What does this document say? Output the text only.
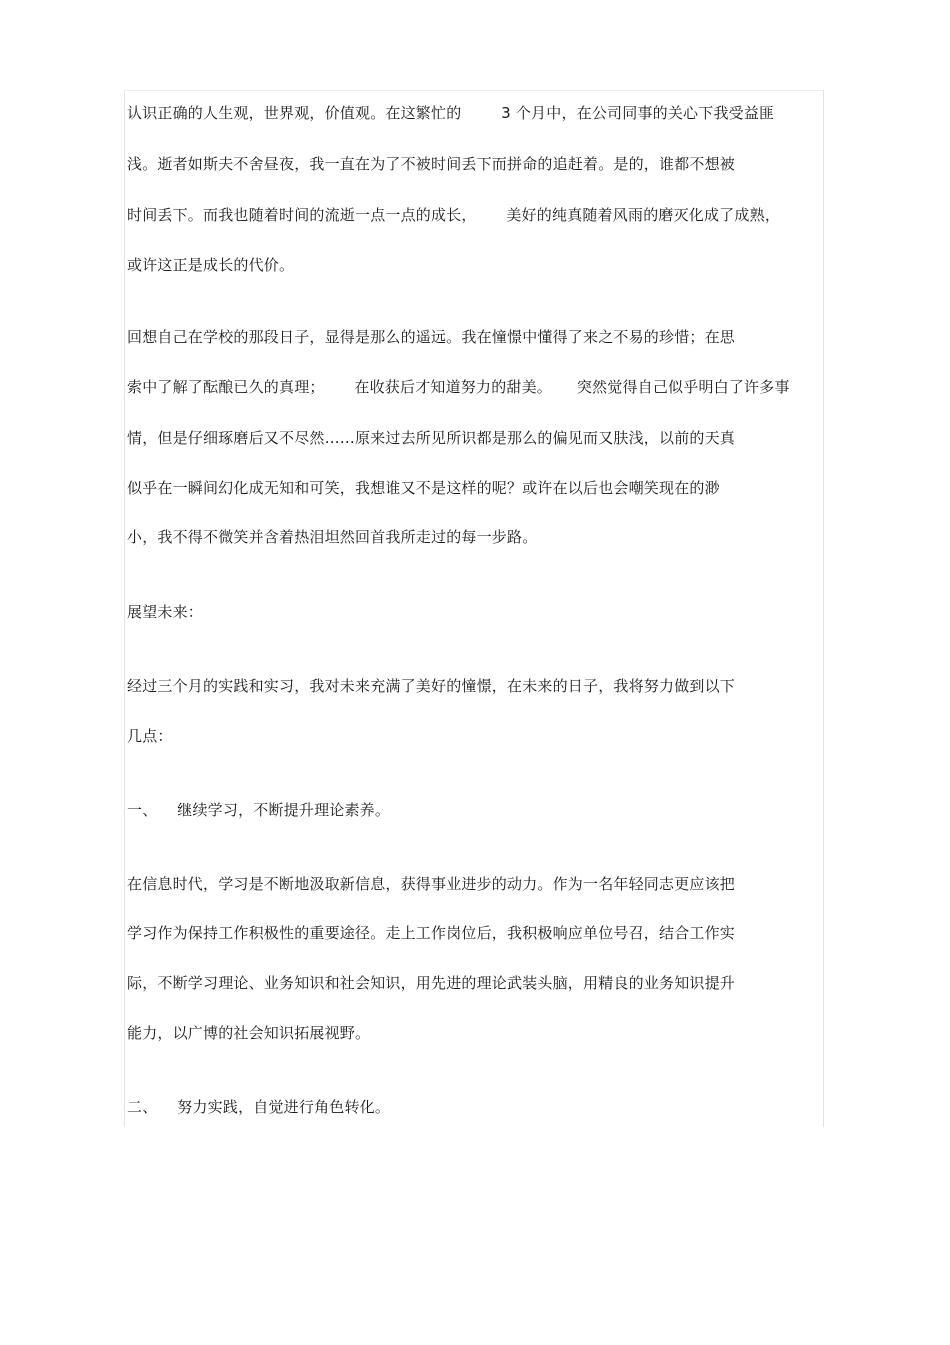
认识正确的人生观，世界观，价值观。在这繁忙的        3 个月中，在公司同事的关心下我受益匪
浅。逝者如斯夫不舍昼夜，我一直在为了不被时间丢下而拼命的追赶着。是的，谁都不想被
时间丢下。而我也随着时间的流逝一点一点的成长，      美好的纯真随着风雨的磨灭化成了成熟，
或许这正是成长的代价。
回想自己在学校的那段日子，显得是那么的遥远。我在憧憬中懂得了来之不易的珍惜；在思
索中了解了酝酿已久的真理；      在收获后才知道努力的甜美。     突然觉得自己似乎明白了许多事
情，但是仔细琢磨后又不尽然……原来过去所见所识都是那么的偏见而又肤浅，以前的天真
似乎在一瞬间幻化成无知和可笑，我想谁又不是这样的呢？或许在以后也会嘲笑现在的渺
小，我不得不微笑并含着热泪坦然回首我所走过的每一步路。
展望未来：
经过三个月的实践和实习，我对未来充满了美好的憧憬，在未来的日子，我将努力做到以下
几点：
一、    继续学习，不断提升理论素养。
在信息时代，学习是不断地汲取新信息，获得事业进步的动力。作为一名年轻同志更应该把
学习作为保持工作积极性的重要途径。走上工作岗位后，我积极响应单位号召，结合工作实
际，不断学习理论、业务知识和社会知识，用先进的理论武装头脑，用精良的业务知识提升
能力，以广博的社会知识拓展视野。
二、    努力实践，自觉进行角色转化。
